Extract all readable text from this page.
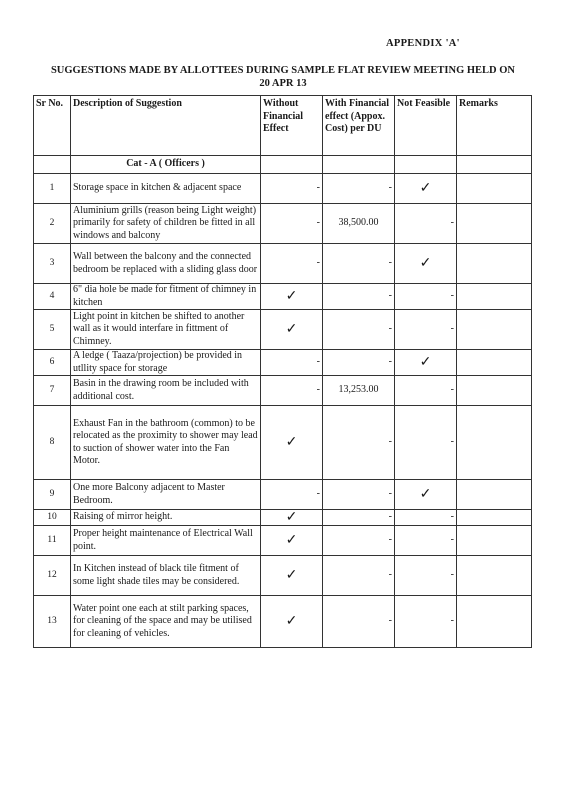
APPENDIX 'A'
SUGGESTIONS MADE BY ALLOTTEES DURING SAMPLE FLAT REVIEW MEETING HELD ON
20 APR 13
Sr No.	Description of Suggestion	Without Financial Effect	With Financial effect (Appox. Cost) per DU	Not Feasible	Remarks
	Cat - A ( Officers )				
1	Storage space in kitchen & adjacent space	-	-	✓	
2	Aluminium grills (reason being Light weight) primarily for safety of children be fitted in all windows and balcony	-	38,500.00	-	
3	Wall between the balcony and the connected bedroom be replaced with a sliding glass door	-	-	✓	
4	6" dia hole be made for fitment of chimney in kitchen	✓	-	-	
5	Light point in kitchen be shifted to another wall as it would interfare in fittment of Chimney.	✓	-	-	
6	A ledge ( Taaza/projection) be provided in utllity space for storage	-	-	✓	
7	Basin in the drawing room be included with additional cost.	-	13,253.00	-	
8	Exhaust Fan in the bathroom (common) to be relocated as the proximity to shower may lead to suction of shower water into the Fan Motor.	✓	-	-	
9	One more Balcony adjacent to Master Bedroom.	-	-	✓	
10	Raising of mirror height.	✓	-	-	
11	Proper height maintenance of Electrical Wall point.	✓	-	-	
12	In Kitchen instead of black tile fitment of some light shade tiles may be considered.	✓	-	-	
13	Water point one each at stilt parking spaces, for cleaning of the space and may be utilised for cleaning of vehicles.	✓	-	-	
